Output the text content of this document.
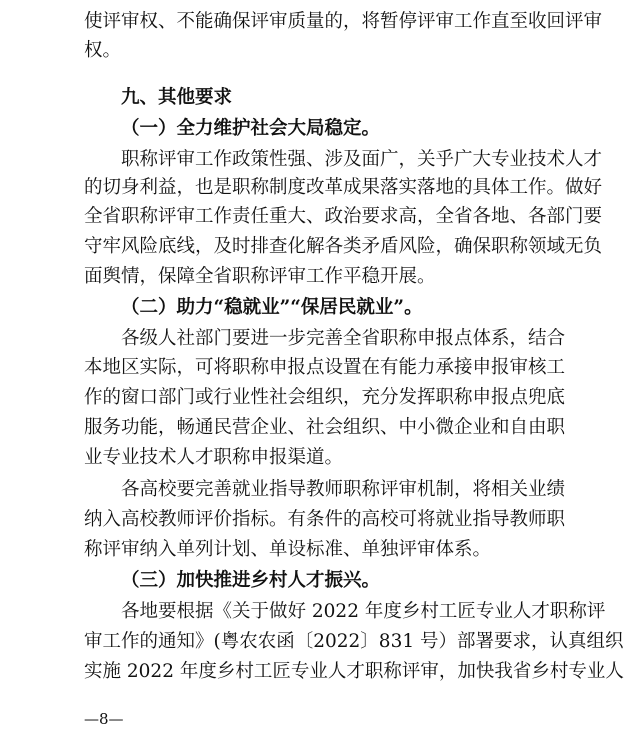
使评审权、不能确保评审质量的，将暂停评审工作直至收回评审
权。
九、其他要求
（一）全力维护社会大局稳定。
职称评审工作政策性强、涉及面广，关乎广大专业技术人才
的切身利益，也是职称制度改革成果落实落地的具体工作。做好
全省职称评审工作责任重大、政治要求高，全省各地、各部门要
守牢风险底线，及时排查化解各类矛盾风险，确保职称领域无负
面舆情，保障全省职称评审工作平稳开展。
（二）助力“稳就业”“保居民就业”。
各级人社部门要进一步完善全省职称申报点体系，结合
本地区实际，可将职称申报点设置在有能力承接申报审核工
作的窗口部门或行业性社会组织，充分发挥职称申报点兜底
服务功能，畅通民营企业、社会组织、中小微企业和自由职
业专业技术人才职称申报渠道。
各高校要完善就业指导教师职称评审机制，将相关业绩
纳入高校教师评价指标。有条件的高校可将就业指导教师职
称评审纳入单列计划、单设标准、单独评审体系。
（三）加快推进乡村人才振兴。
各地要根据《关于做好 2022 年度乡村工匠专业人才职称评
审工作的通知》(粤农农函〔2022〕831 号）部署要求，认真组织
实施 2022 年度乡村工匠专业人才职称评审，加快我省乡村专业人
—8—
